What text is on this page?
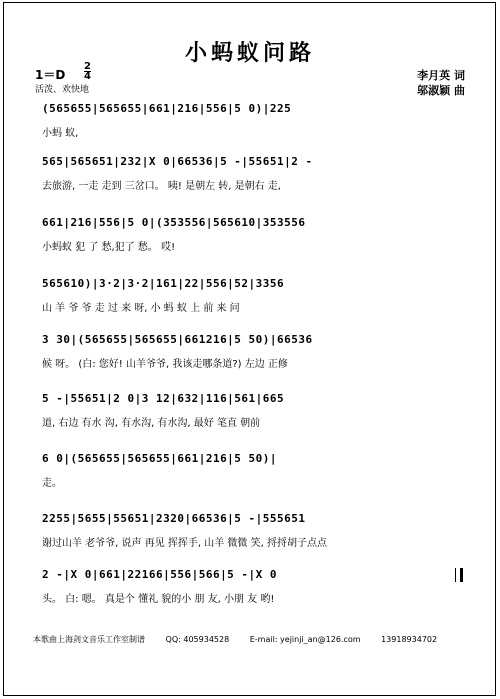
小蚂蚁问路
1＝D
2
4
活泼、欢快地
李月英 词
邬淑颖 曲
(565655|565655|661|216|556|5 0)|225
小蚂 蚁,
565|565651|232|X 0|66536|5 -|55651|2 -
去旅游, 一走 走到 三岔口。 咦! 是朝左 转, 是朝右 走,
661|216|556|5 0|(353556|565610|353556
小蚂蚁 犯 了 愁,犯了 愁。 哎!
565610)|3·2|3·2|161|22|556|52|3356
山 羊 爷 爷 走 过 来 呀, 小 蚂 蚁 上 前 来 问
3 30|(565655|565655|661216|5 50)|66536
候 呀。 (白: 您好! 山羊爷爷, 我该走哪条道?) 左边 正修
5 -|55651|2 0|3 12|632|116|561|665
道, 右边 有水 沟, 有水沟, 有水沟, 最好 笔直 朝前
6 0|(565655|565655|661|216|5 50)|
走。
2255|5655|55651|2320|66536|5 -|555651
谢过山羊 老爷爷, 说声 再见 挥挥手, 山羊 微微 笑, 捋捋胡子点点
2 -|X 0|661|22166|556|566|5 -|X 0
头。 白: 嗯。 真是个 懂礼 貌的小 朋 友, 小朋 友 哟!
本歌曲上海剑文音乐工作室制谱	QQ: 405934528	E-mail: yejinji_an@126.com	13918934702
